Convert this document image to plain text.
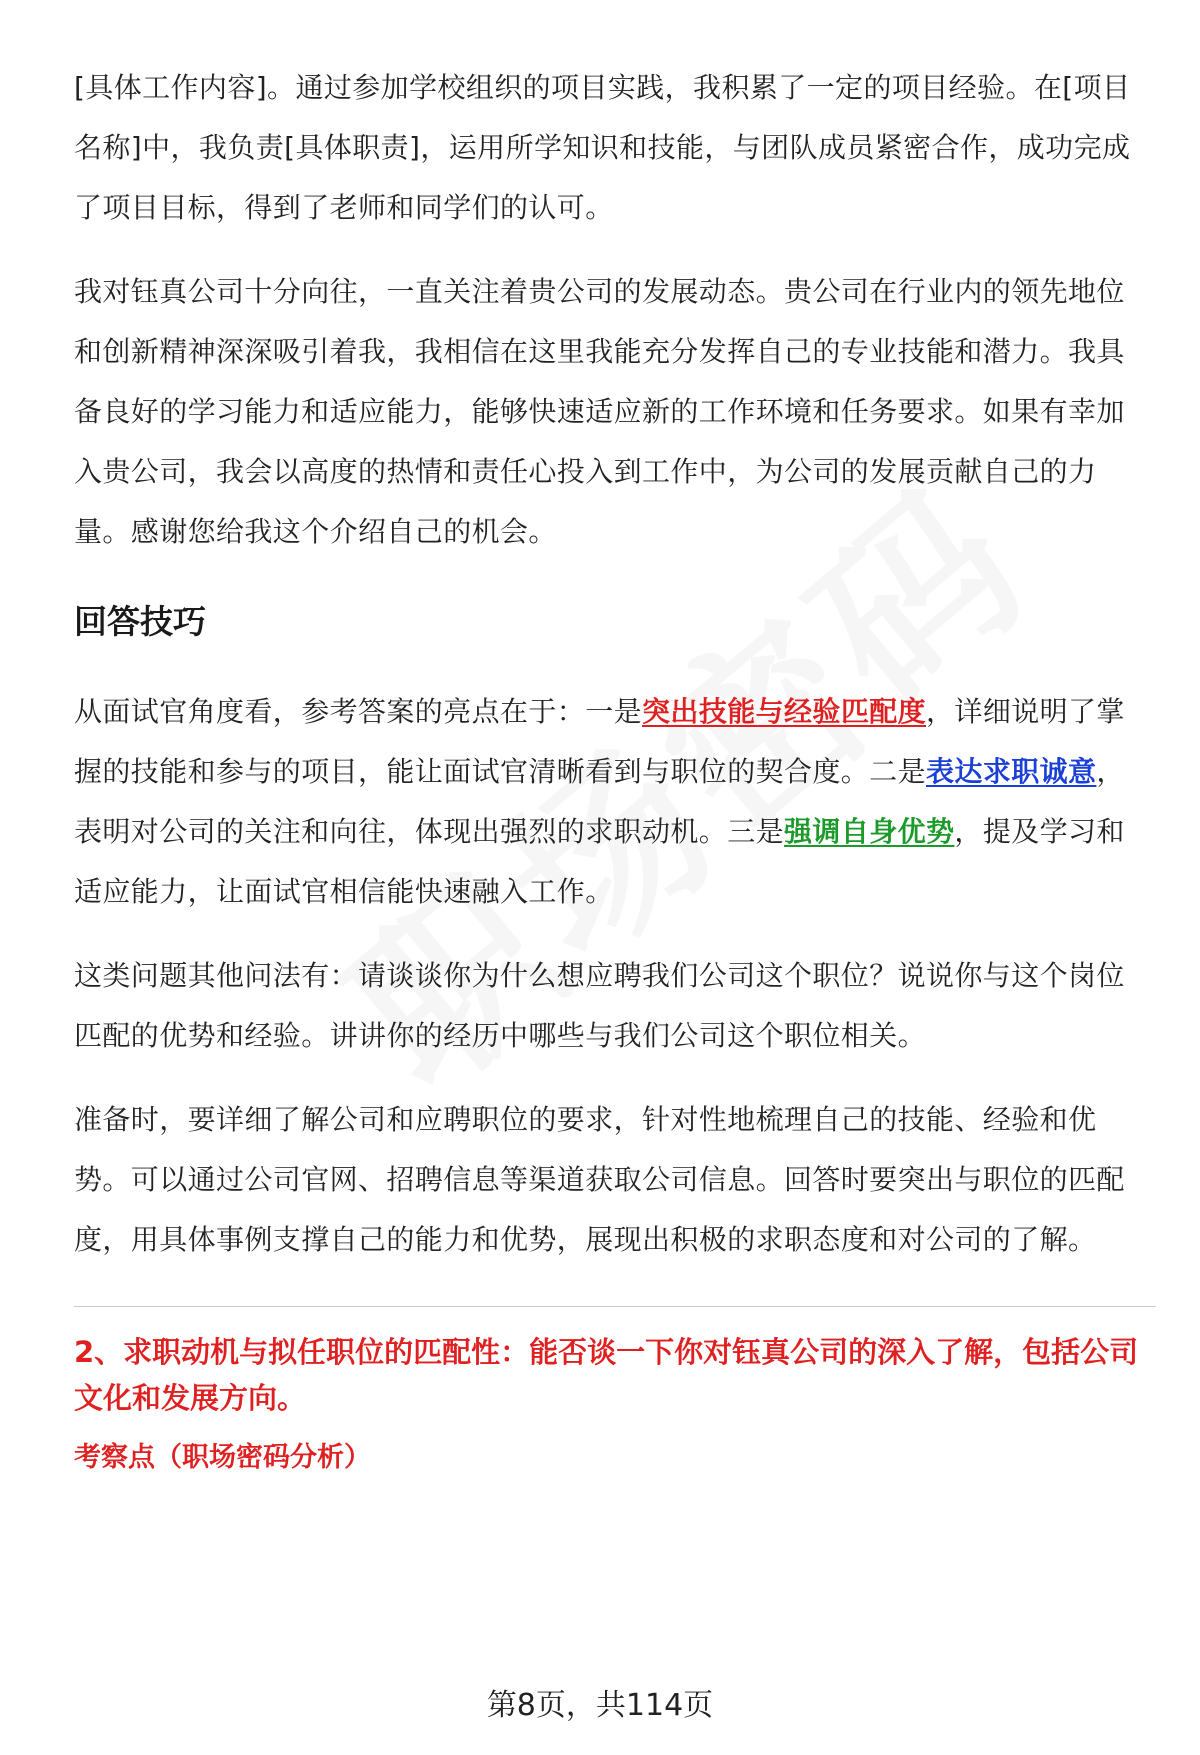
[具体工作内容]。通过参加学校组织的项目实践，我积累了一定的项目经验。在[项目名称]中，我负责[具体职责]，运用所学知识和技能，与团队成员紧密合作，成功完成了项目目标，得到了老师和同学们的认可。

我对钰真公司十分向往，一直关注着贵公司的发展动态。贵公司在行业内的领先地位和创新精神深深吸引着我，我相信在这里我能充分发挥自己的专业技能和潜力。我具备良好的学习能力和适应能力，能够快速适应新的工作环境和任务要求。如果有幸加入贵公司，我会以高度的热情和责任心投入到工作中，为公司的发展贡献自己的力量。感谢您给我这个介绍自己的机会。

回答技巧

从面试官角度看，参考答案的亮点在于：一是突出技能与经验匹配度，详细说明了掌握的技能和参与的项目，能让面试官清晰看到与职位的契合度。二是表达求职诚意，表明对公司的关注和向往，体现出强烈的求职动机。三是强调自身优势，提及学习和适应能力，让面试官相信能快速融入工作。

这类问题其他问法有：请谈谈你为什么想应聘我们公司这个职位？说说你与这个岗位匹配的优势和经验。讲讲你的经历中哪些与我们公司这个职位相关。

准备时，要详细了解公司和应聘职位的要求，针对性地梳理自己的技能、经验和优势。可以通过公司官网、招聘信息等渠道获取公司信息。回答时要突出与职位的匹配度，用具体事例支撑自己的能力和优势，展现出积极的求职态度和对公司的了解。

2、求职动机与拟任职位的匹配性：能否谈一下你对钰真公司的深入了解，包括公司文化和发展方向。
考察点（职场密码分析）
第8页，共114页
